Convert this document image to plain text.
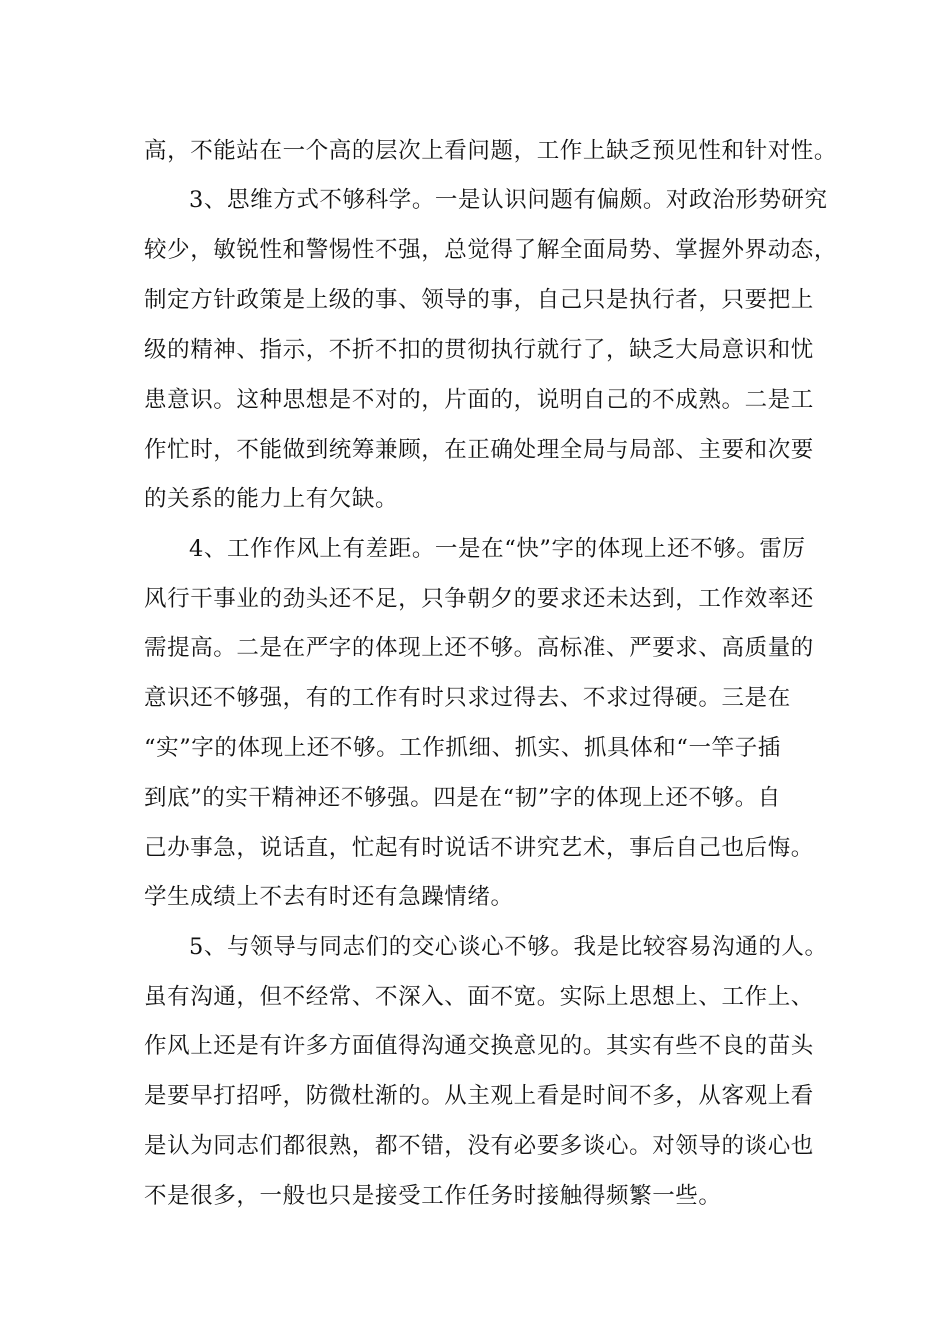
高，不能站在一个高的层次上看问题，工作上缺乏预见性和针对性。
3、思维方式不够科学。一是认识问题有偏颇。对政治形势研究
较少，敏锐性和警惕性不强，总觉得了解全面局势、掌握外界动态，
制定方针政策是上级的事、领导的事，自己只是执行者，只要把上
级的精神、指示，不折不扣的贯彻执行就行了，缺乏大局意识和忧
患意识。这种思想是不对的，片面的，说明自己的不成熟。二是工
作忙时，不能做到统筹兼顾，在正确处理全局与局部、主要和次要
的关系的能力上有欠缺。
4、工作作风上有差距。一是在“快”字的体现上还不够。雷厉
风行干事业的劲头还不足，只争朝夕的要求还未达到，工作效率还
需提高。二是在严字的体现上还不够。高标准、严要求、高质量的
意识还不够强，有的工作有时只求过得去、不求过得硬。三是在
“实”字的体现上还不够。工作抓细、抓实、抓具体和“一竿子插
到底”的实干精神还不够强。四是在“韧”字的体现上还不够。自
己办事急，说话直，忙起有时说话不讲究艺术，事后自己也后悔。
学生成绩上不去有时还有急躁情绪。
5、与领导与同志们的交心谈心不够。我是比较容易沟通的人。
虽有沟通，但不经常、不深入、面不宽。实际上思想上、工作上、
作风上还是有许多方面值得沟通交换意见的。其实有些不良的苗头
是要早打招呼，防微杜渐的。从主观上看是时间不多，从客观上看
是认为同志们都很熟，都不错，没有必要多谈心。对领导的谈心也
不是很多，一般也只是接受工作任务时接触得频繁一些。
